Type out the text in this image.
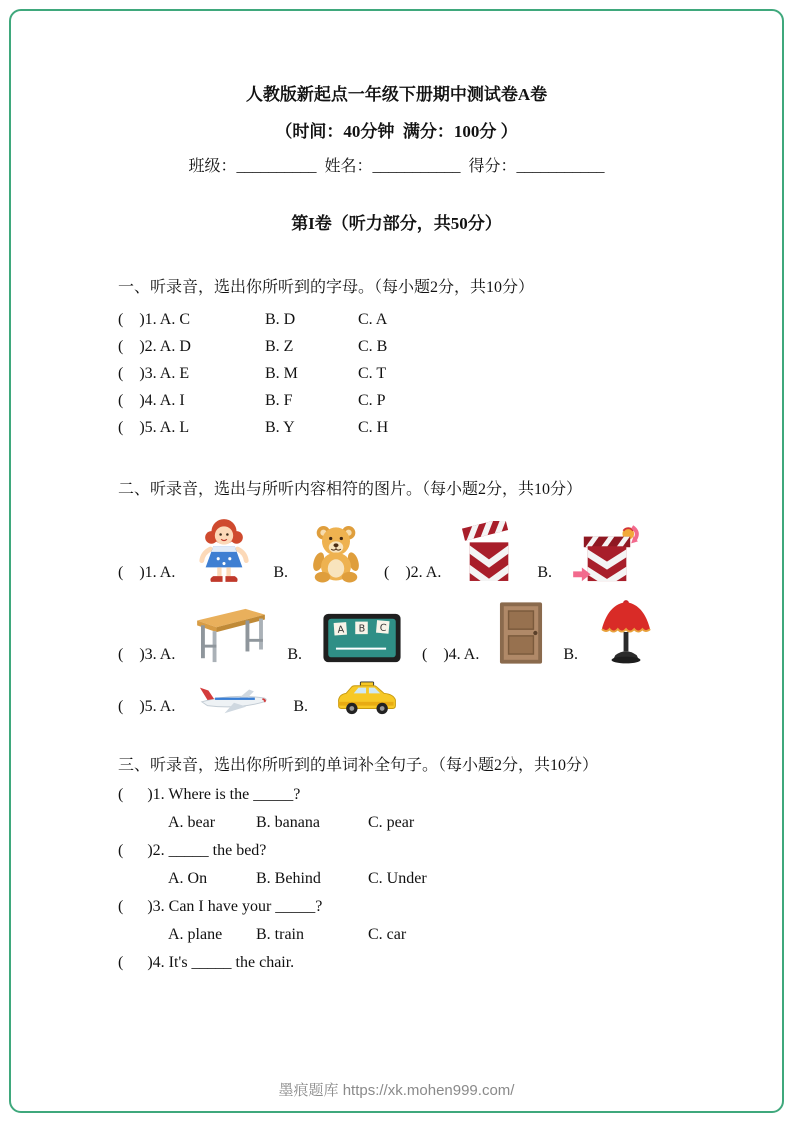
人教版新起点一年级下册期中测试卷A卷
（时间：40分钟  满分：100分 ）
班级：__________  姓名：___________  得分：___________
第I卷（听力部分，共50分）
一、听录音，选出你所听到的字母。（每小题2分，共10分）
(    )1. A. C	B. D	C. A
(    )2. A. D	B. Z	C. B
(    )3. A. E	B. M	C. T
(    )4. A. I	B. F	C. P
(    )5. A. L	B. Y	C. H
二、听录音，选出与所听内容相符的图片。（每小题2分，共10分）
(    )1. A.	B.	(    )2. A.	B.
(    )3. A.	B.
A B C
(    )4. A.	B.
(    )5. A.	B.
三、听录音，选出你所听到的单词补全句子。（每小题2分，共10分）
(      )1. Where is the _____?
A. bear	B. banana	C. pear
(      )2. _____ the bed?
A. On	B. Behind	C. Under
(      )3. Can I have your _____?
A. plane	B. train	C. car
(      )4. It's _____ the chair.
墨痕题库 https://xk.mohen999.com/
